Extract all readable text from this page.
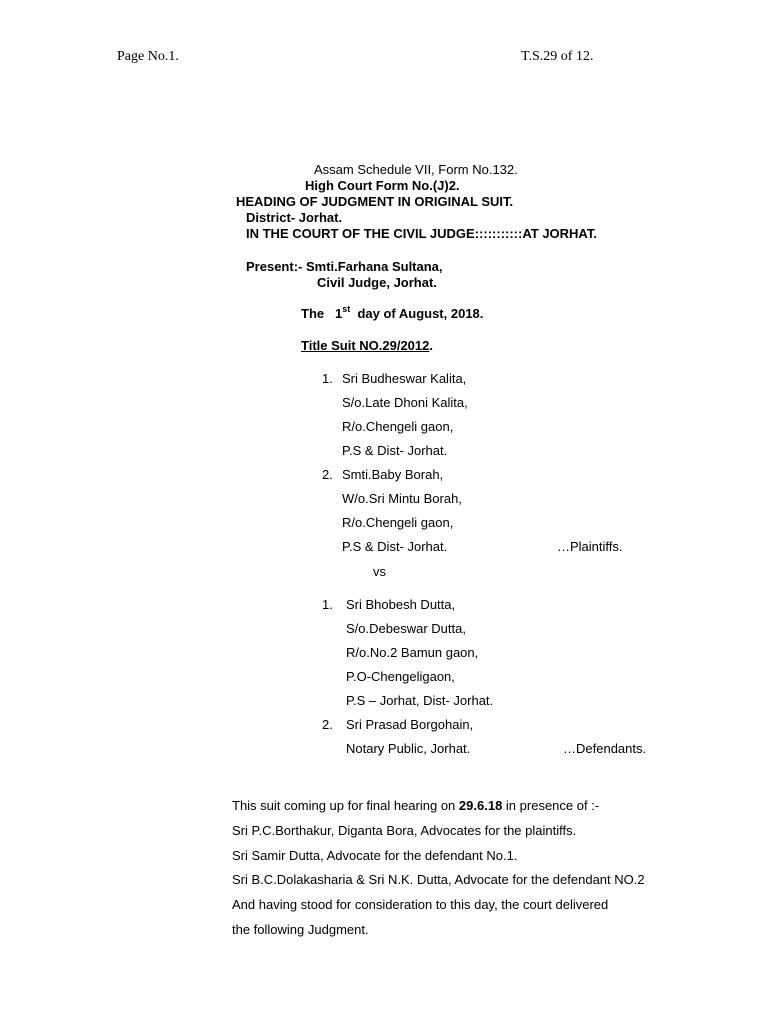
Page No.1.	T.S.29 of 12.
Assam Schedule VII, Form No.132.
High Court Form No.(J)2.
HEADING OF JUDGMENT IN ORIGINAL SUIT.
District- Jorhat.
IN THE COURT OF THE CIVIL JUDGE:::::::::::AT JORHAT.
Present:- Smti.Farhana Sultana,
Civil Judge, Jorhat.
The 1st day of August, 2018.
Title Suit NO.29/2012.
1. Sri Budheswar Kalita,
S/o.Late Dhoni Kalita,
R/o.Chengeli gaon,
P.S & Dist- Jorhat.
2. Smti.Baby Borah,
W/o.Sri Mintu Borah,
R/o.Chengeli gaon,
P.S & Dist- Jorhat.	…Plaintiffs.
vs
1. Sri Bhobesh Dutta,
S/o.Debeswar Dutta,
R/o.No.2 Bamun gaon,
P.O-Chengeligaon,
P.S – Jorhat, Dist- Jorhat.
2. Sri Prasad Borgohain,
Notary Public, Jorhat.	…Defendants.
This suit coming up for final hearing on 29.6.18 in presence of :-
Sri P.C.Borthakur, Diganta Bora, Advocates for the plaintiffs.
Sri Samir Dutta, Advocate for the defendant No.1.
Sri B.C.Dolakasharia & Sri N.K. Dutta, Advocate for the defendant NO.2
And having stood for consideration to this day, the court delivered
the following Judgment.
